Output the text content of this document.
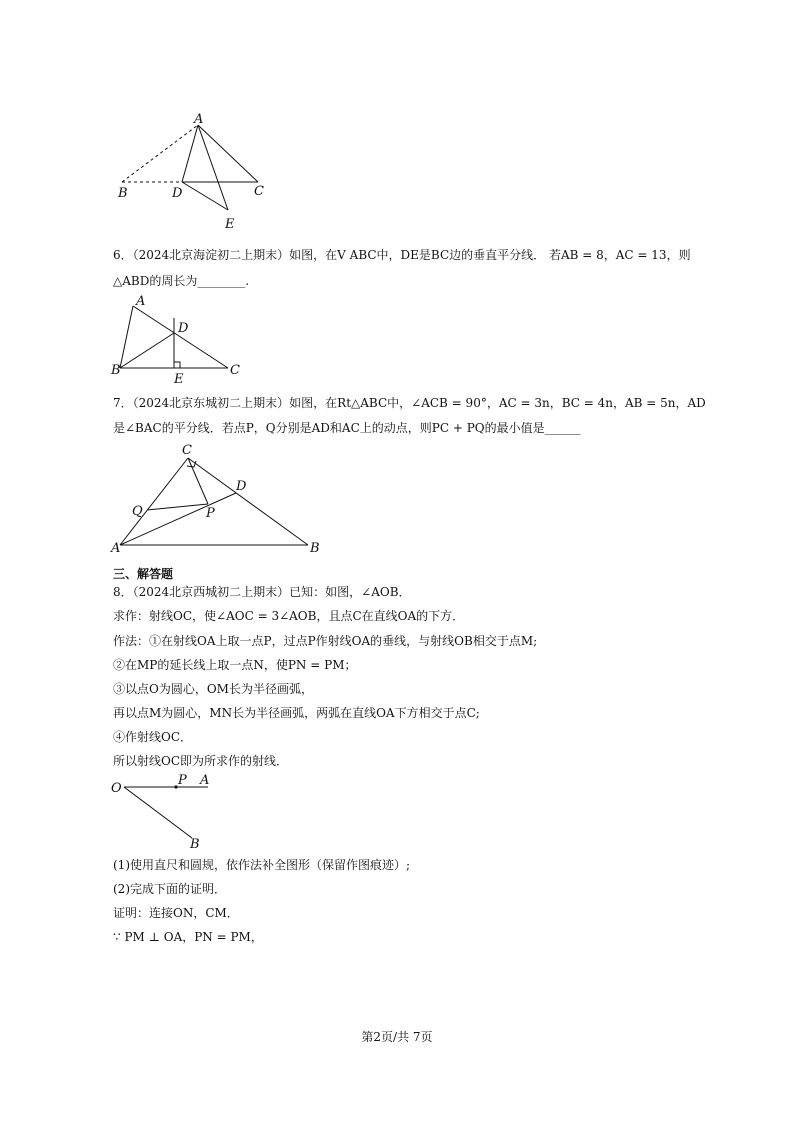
A
B	D	C
E
6．（2024北京海淀初二上期末）如图，在V ABC中，DE是BC边的垂直平分线． 若AB = 8，AC = 13，则
△ABD的周长为________.
A
D
B
E
C
7．（2024北京东城初二上期末）如图，在Rt△ABC中，∠ACB = 90°，AC = 3n，BC = 4n，AB = 5n，AD
是∠BAC的平分线．若点P，Q分别是AD和AC上的动点，则PC + PQ的最小值是______
C
D
Q	P
A	B
三、解答题
8．（2024北京西城初二上期末）已知：如图，∠AOB．
求作：射线OC，使∠AOC = 3∠AOB，且点C在直线OA的下方．
作法：①在射线OA上取一点P，过点P作射线OA的垂线，与射线OB相交于点M;
②在MP的延长线上取一点N，使PN = PM；
③以点O为圆心，OM长为半径画弧，
再以点M为圆心，MN长为半径画弧，两弧在直线OA下方相交于点C;
④作射线OC．
所以射线OC即为所求作的射线．
O
P A
B
(1)使用直尺和圆规，依作法补全图形（保留作图痕迹）;
(2)完成下面的证明．
证明：连接ON，CM．
∵ PM ⊥ OA，PN = PM，
第2页/共 7页
